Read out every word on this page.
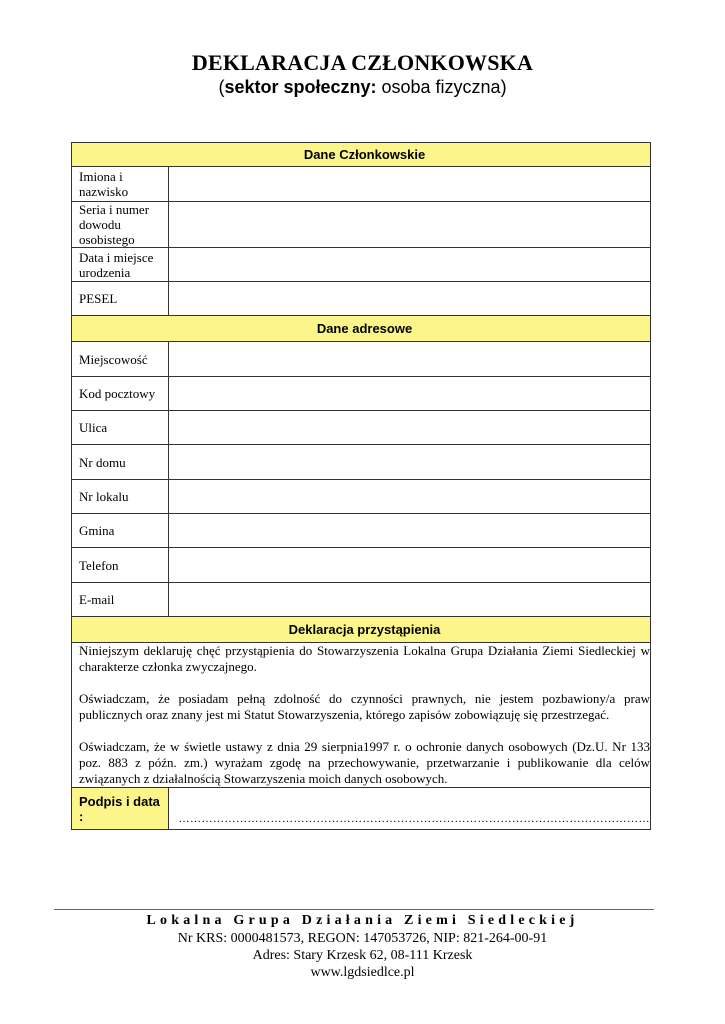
DEKLARACJA CZŁONKOWSKA
(sektor społeczny: osoba fizyczna)
Dane Członkowskie	
Imiona i nazwisko	
Seria i numer dowodu osobistego	
Data i miejsce urodzenia	
PESEL	
Dane adresowe	
Miejscowość	
Kod pocztowy	
Ulica	
Nr domu	
Nr lokalu	
Gmina	
Telefon	
E-mail	
Deklaracja przystąpienia	

Niniejszym deklaruję chęć przystąpienia do Stowarzyszenia Lokalna Grupa Działania Ziemi Siedleckiej w charakterze członka zwyczajnego.

Oświadczam, że posiadam pełną zdolność do czynności prawnych, nie jestem pozbawiony/a praw publicznych oraz znany jest mi Statut Stowarzyszenia, którego zapisów zobowiązuję się przestrzegać.

Oświadczam, że w świetle ustawy z dnia 29 sierpnia1997 r. o ochronie danych osobowych (Dz.U. Nr 133 poz. 883 z późn. zm.) wyrażam zgodę na przechowywanie, przetwarzanie i publikowanie dla celów związanych z działalnością Stowarzyszenia moich danych osobowych.	

Podpis i data :	……………………………………………………………………………………………………………
Lokalna Grupa Działania Ziemi Siedleckiej
Nr KRS: 0000481573, REGON: 147053726, NIP: 821-264-00-91
Adres: Stary Krzesk 62, 08-111 Krzesk
www.lgdsiedlce.pl
